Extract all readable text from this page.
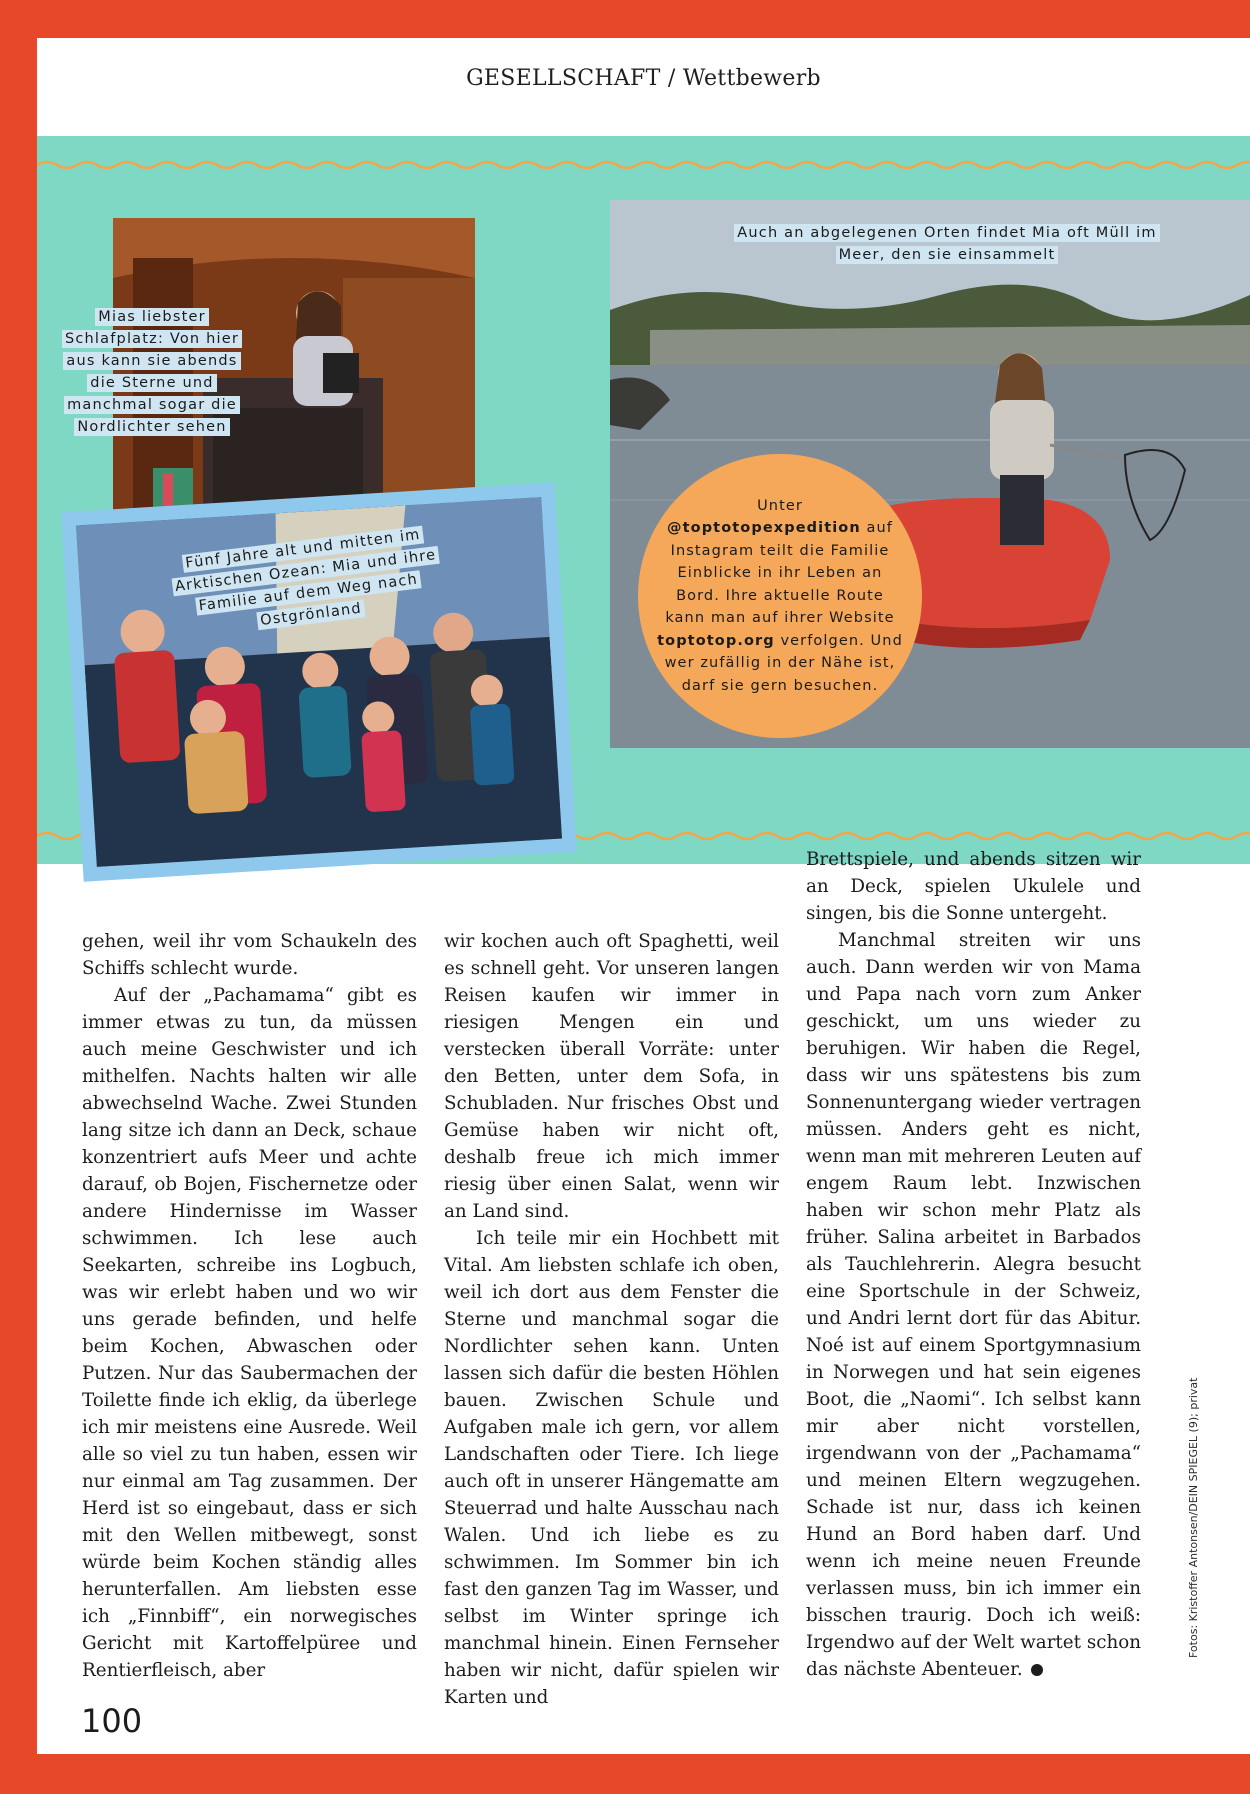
GESELLSCHAFT / Wettbewerb
Mias liebster Schlafplatz: Von hier aus kann sie abends die Sterne und manchmal sogar die Nordlichter sehen
Auch an abgelegenen Orten findet Mia oft Müll im Meer, den sie einsammelt
Unter
@toptotopexpedition auf Instagram teilt die Familie Einblicke in ihr Leben an Bord. Ihre aktuelle Route kann man auf ihrer Website toptotop.org verfolgen. Und wer zufällig in der Nähe ist, darf sie gern besuchen.
Fünf Jahre alt und mitten im Arktischen Ozean: Mia und ihre Familie auf dem Weg nach Ostgrönland

gehen, weil ihr vom Schaukeln des Schiffs schlecht wurde.

Auf der „Pachamama“ gibt es immer etwas zu tun, da müssen auch meine Geschwister und ich mithelfen. Nachts halten wir alle abwechselnd Wache. Zwei Stunden lang sitze ich dann an Deck, schaue konzentriert aufs Meer und achte darauf, ob Bojen, Fischernetze oder andere Hindernisse im Wasser schwimmen. Ich lese auch Seekarten, schreibe ins Logbuch, was wir erlebt haben und wo wir uns gerade befinden, und helfe beim Kochen, Abwaschen oder Putzen. Nur das Saubermachen der Toilette finde ich eklig, da überlege ich mir meistens eine Ausrede. Weil alle so viel zu tun haben, essen wir nur einmal am Tag zusammen. Der Herd ist so eingebaut, dass er sich mit den Wellen mitbewegt, sonst würde beim Kochen ständig alles herunterfallen. Am liebsten esse ich „Finnbiff“, ein norwegisches Gericht mit Kartoffelpüree und Rentierfleisch, aber

wir kochen auch oft Spaghetti, weil es schnell geht. Vor unseren langen Reisen kaufen wir immer in riesigen Mengen ein und verstecken überall Vorräte: unter den Betten, unter dem Sofa, in Schubladen. Nur frisches Obst und Gemüse haben wir nicht oft, deshalb freue ich mich immer riesig über einen Salat, wenn wir an Land sind.

Ich teile mir ein Hochbett mit Vital. Am liebsten schlafe ich oben, weil ich dort aus dem Fenster die Sterne und manchmal sogar die Nordlichter sehen kann. Unten lassen sich dafür die besten Höhlen bauen. Zwischen Schule und Aufgaben male ich gern, vor allem Landschaften oder Tiere. Ich liege auch oft in unserer Hängematte am Steuerrad und halte Ausschau nach Walen. Und ich liebe es zu schwimmen. Im Sommer bin ich fast den ganzen Tag im Wasser, und selbst im Winter springe ich manchmal hinein. Einen Fernseher haben wir nicht, dafür spielen wir Karten und

Brettspiele, und abends sitzen wir an Deck, spielen Ukulele und singen, bis die Sonne untergeht.

Manchmal streiten wir uns auch. Dann werden wir von Mama und Papa nach vorn zum Anker geschickt, um uns wieder zu beruhigen. Wir haben die Regel, dass wir uns spätestens bis zum Sonnenuntergang wieder vertragen müssen. Anders geht es nicht, wenn man mit mehreren Leuten auf engem Raum lebt. Inzwischen haben wir schon mehr Platz als früher. Salina arbeitet in Barbados als Tauchlehrerin. Alegra besucht eine Sportschule in der Schweiz, und Andri lernt dort für das Abitur. Noé ist auf einem Sportgymnasium in Norwegen und hat sein eigenes Boot, die „Naomi“. Ich selbst kann mir aber nicht vorstellen, irgendwann von der „Pachamama“ und meinen Eltern wegzugehen. Schade ist nur, dass ich keinen Hund an Bord haben darf. Und wenn ich meine neuen Freunde verlassen muss, bin ich immer ein bisschen traurig. Doch ich weiß: Irgendwo auf der Welt wartet schon das nächste Abenteuer.

Fotos: Kristoffer Antonsen/DEIN SPIEGEL (9); privat
100
